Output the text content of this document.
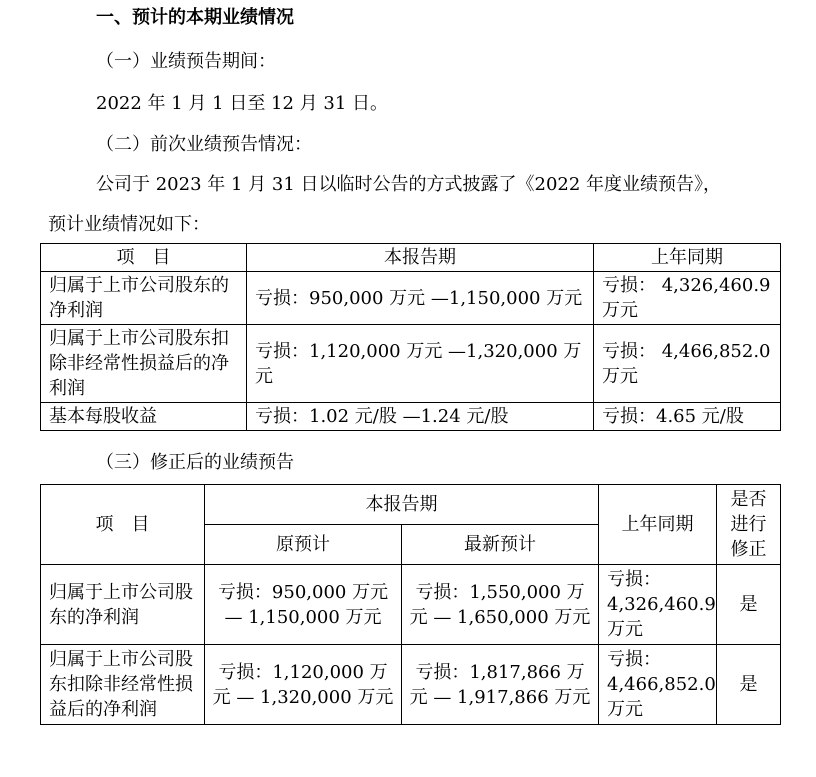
一、预计的本期业绩情况
（一）业绩预告期间：
2022 年 1 月 1 日至 12 月 31 日。
（二）前次业绩预告情况：
公司于 2023 年 1 月 31 日以临时公告的方式披露了《2022 年度业绩预告》，
预计业绩情况如下：
项　目	本报告期	上年同期
归属于上市公司股东的净利润	亏损：950,000 万元 —1,150,000 万元	亏损： 4,326,460.9 万元
归属于上市公司股东扣除非经常性损益后的净利润	亏损：1,120,000 万元 —1,320,000 万元	亏损： 4,466,852.0 万元
基本每股收益	亏损：1.02 元/股 —1.24 元/股	亏损：4.65 元/股
（三）修正后的业绩预告
项　目	本报告期		上年同期	是否进行修正
	原预计	最新预计		
归属于上市公司股东的净利润	亏损：950,000 万元 — 1,150,000 万元	亏损：1,550,000 万元 — 1,650,000 万元	亏损：4,326,460.9 万元	是
归属于上市公司股东扣除非经常性损益后的净利润	亏损：1,120,000 万元 — 1,320,000 万元	亏损：1,817,866 万元 — 1,917,866 万元	亏损：4,466,852.0 万元	是
